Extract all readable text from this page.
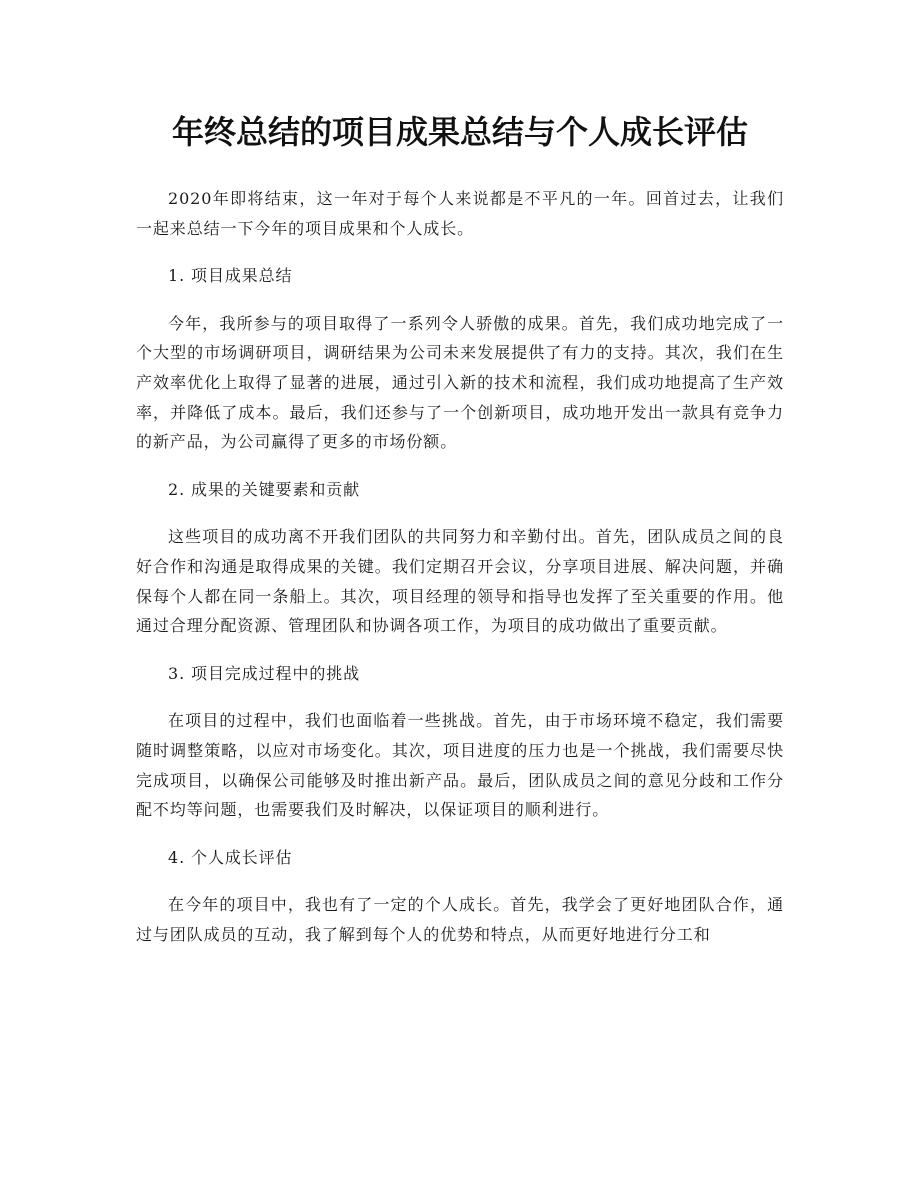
年终总结的项目成果总结与个人成长评估

2020年即将结束，这一年对于每个人来说都是不平凡的一年。回首过去，让我们一起来总结一下今年的项目成果和个人成长。

1. 项目成果总结

今年，我所参与的项目取得了一系列令人骄傲的成果。首先，我们成功地完成了一个大型的市场调研项目，调研结果为公司未来发展提供了有力的支持。其次，我们在生产效率优化上取得了显著的进展，通过引入新的技术和流程，我们成功地提高了生产效率，并降低了成本。最后，我们还参与了一个创新项目，成功地开发出一款具有竞争力的新产品，为公司赢得了更多的市场份额。

2. 成果的关键要素和贡献

这些项目的成功离不开我们团队的共同努力和辛勤付出。首先，团队成员之间的良好合作和沟通是取得成果的关键。我们定期召开会议，分享项目进展、解决问题，并确保每个人都在同一条船上。其次，项目经理的领导和指导也发挥了至关重要的作用。他通过合理分配资源、管理团队和协调各项工作，为项目的成功做出了重要贡献。

3. 项目完成过程中的挑战

在项目的过程中，我们也面临着一些挑战。首先，由于市场环境不稳定，我们需要随时调整策略，以应对市场变化。其次，项目进度的压力也是一个挑战，我们需要尽快完成项目，以确保公司能够及时推出新产品。最后，团队成员之间的意见分歧和工作分配不均等问题，也需要我们及时解决，以保证项目的顺利进行。

4. 个人成长评估

在今年的项目中，我也有了一定的个人成长。首先，我学会了更好地团队合作，通过与团队成员的互动，我了解到每个人的优势和特点，从而更好地进行分工和
